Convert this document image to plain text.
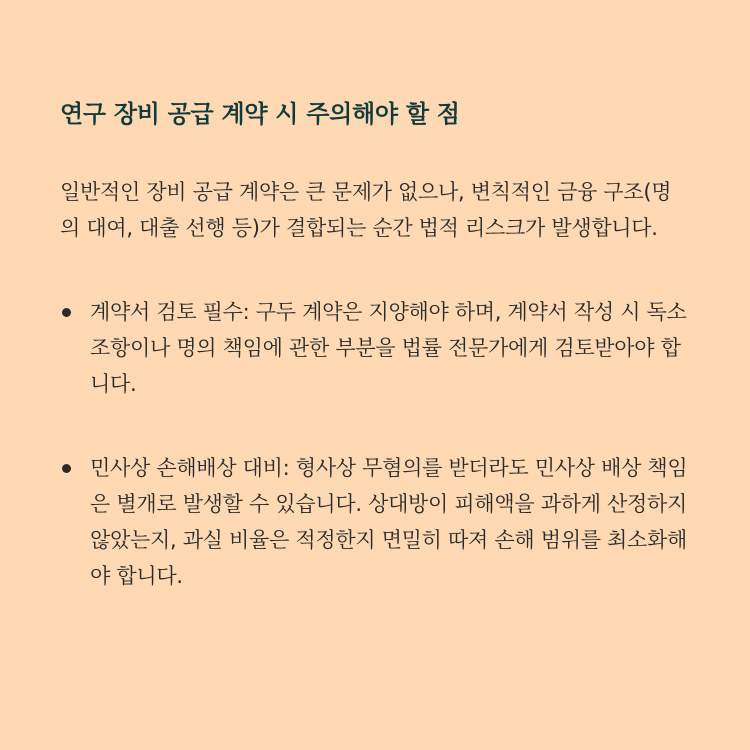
연구 장비 공급 계약 시 주의해야 할 점

일반적인 장비 공급 계약은 큰 문제가 없으나, 변칙적인 금융 구조(명의 대여, 대출 선행 등)가 결합되는 순간 법적 리스크가 발생합니다.

계약서 검토 필수: 구두 계약은 지양해야 하며, 계약서 작성 시 독소 조항이나 명의 책임에 관한 부분을 법률 전문가에게 검토받아야 합니다.
민사상 손해배상 대비: 형사상 무혐의를 받더라도 민사상 배상 책임은 별개로 발생할 수 있습니다. 상대방이 피해액을 과하게 산정하지 않았는지, 과실 비율은 적정한지 면밀히 따져 손해 범위를 최소화해야 합니다.
